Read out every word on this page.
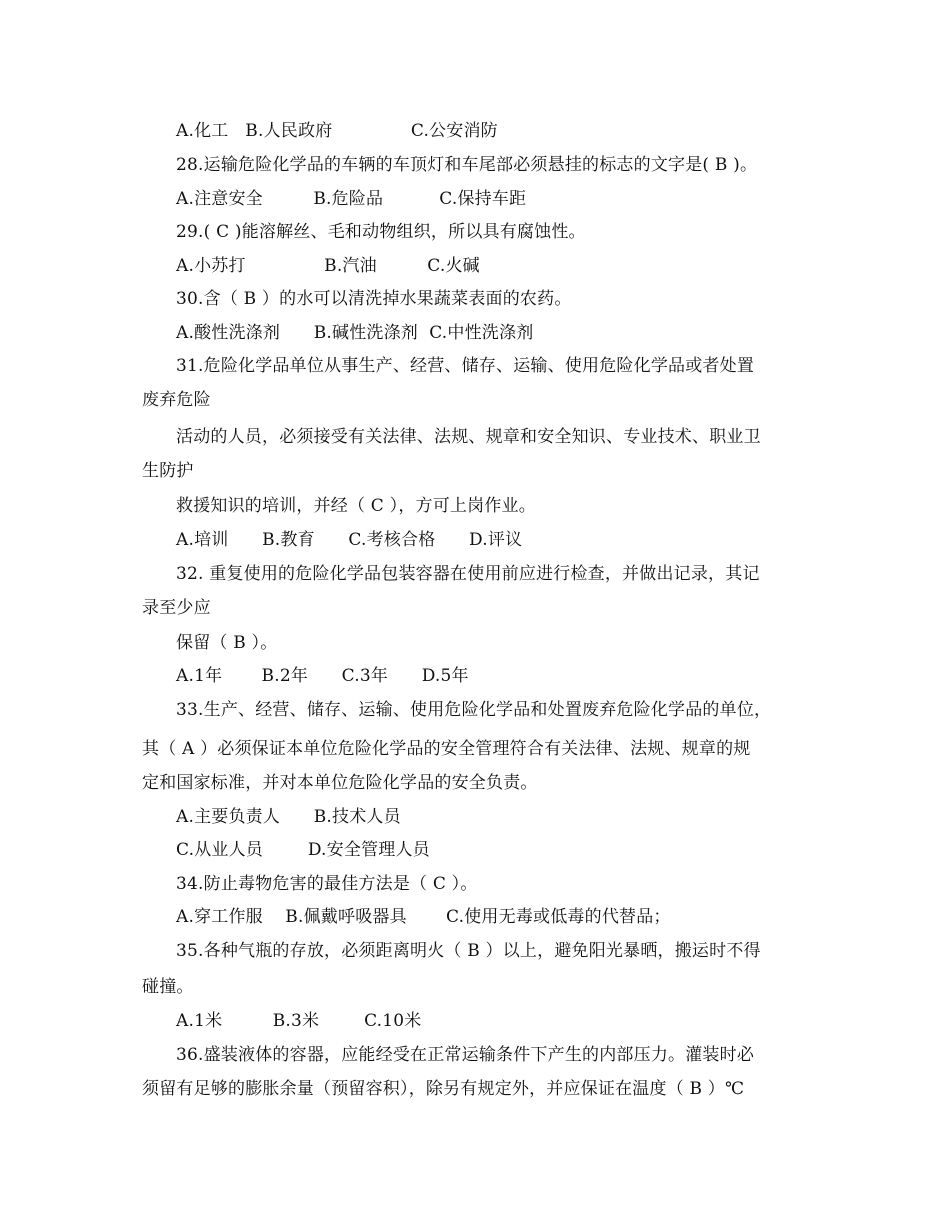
A.化工   B.人民政府              C.公安消防
28.运输危险化学品的车辆的车顶灯和车尾部必须悬挂的标志的文字是( B )。
A.注意安全         B.危险品          C.保持车距
29.( C )能溶解丝、毛和动物组织，所以具有腐蚀性。
A.小苏打              B.汽油         C.火碱
30.含（ B ）的水可以清洗掉水果蔬菜表面的农药。
A.酸性洗涤剂      B.碱性洗涤剂  C.中性洗涤剂
31.危险化学品单位从事生产、经营、储存、运输、使用危险化学品或者处置
废弃危险
活动的人员，必须接受有关法律、法规、规章和安全知识、专业技术、职业卫
生防护
救援知识的培训，并经（ C ），方可上岗作业。
A.培训      B.教育      C.考核合格      D.评议
32. 重复使用的危险化学品包装容器在使用前应进行检查，并做出记录，其记
录至少应
保留（ B ）。
A.1年       B.2年      C.3年      D.5年
33.生产、经营、储存、运输、使用危险化学品和处置废弃危险化学品的单位，
其（ A ）必须保证本单位危险化学品的安全管理符合有关法律、法规、规章的规
定和国家标准，并对本单位危险化学品的安全负责。
A.主要负责人      B.技术人员
C.从业人员        D.安全管理人员
34.防止毒物危害的最佳方法是（ C ）。
A.穿工作服    B.佩戴呼吸器具       C.使用无毒或低毒的代替品；
35.各种气瓶的存放，必须距离明火（ B ）以上，避免阳光暴晒，搬运时不得
碰撞。
A.1米         B.3米        C.10米
36.盛装液体的容器，应能经受在正常运输条件下产生的内部压力。灌装时必
须留有足够的膨胀余量（预留容积），除另有规定外，并应保证在温度（ B ）℃
